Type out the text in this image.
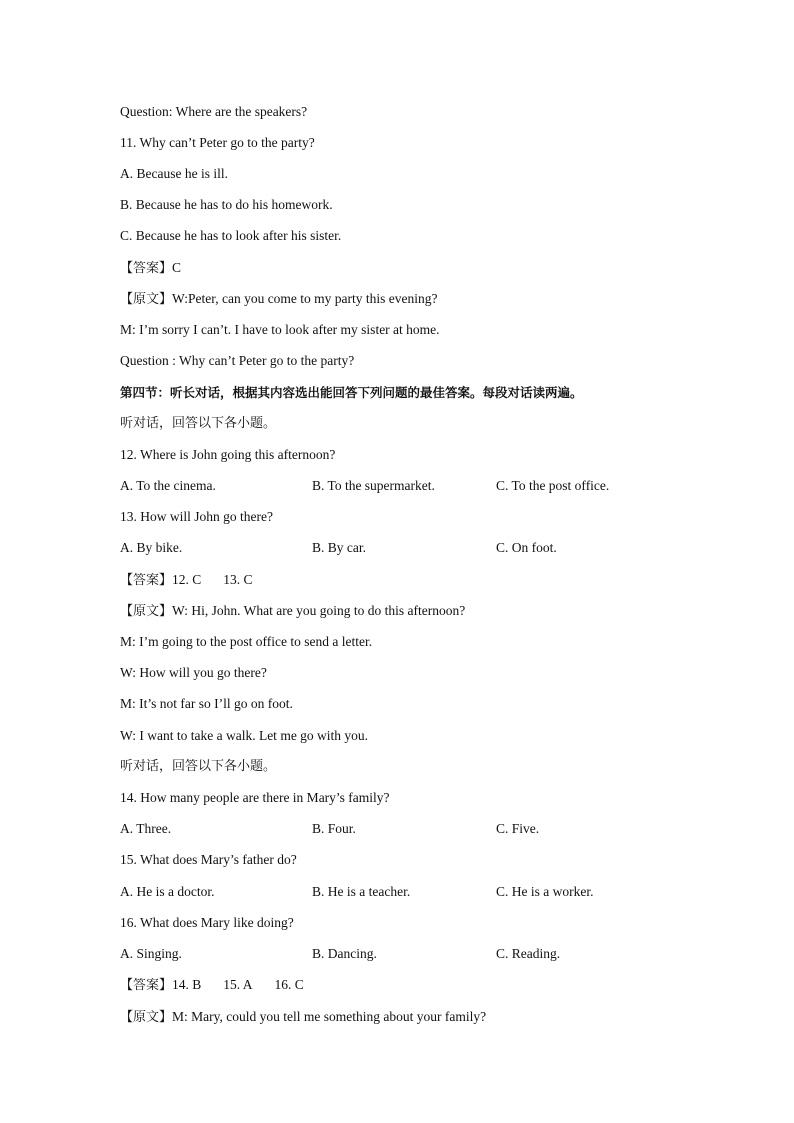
Question: Where are the speakers?
11. Why can’t Peter go to the party?
A. Because he is ill.
B. Because he has to do his homework.
C. Because he has to look after his sister.
【答案】C
【原文】W:Peter, can you come to my party this evening?
M: I’m sorry I can’t. I have to look after my sister at home.
Question : Why can’t Peter go to the party?
第四节：听长对话，根据其内容选出能回答下列问题的最佳答案。每段对话读两遍。
听对话，回答以下各小题。
12. Where is John going this afternoon?
A. To the cinema.	B. To the supermarket.	C. To the post office.
13. How will John go there?
A. By bike.	B. By car.	C. On foot.
【答案】12. C 13. C
【原文】W: Hi, John. What are you going to do this afternoon?
M: I’m going to the post office to send a letter.
W: How will you go there?
M: It’s not far so I’ll go on foot.
W: I want to take a walk. Let me go with you.
听对话，回答以下各小题。
14. How many people are there in Mary’s family?
A. Three.	B. Four.	C. Five.
15. What does Mary’s father do?
A. He is a doctor.	B. He is a teacher.	C. He is a worker.
16. What does Mary like doing?
A. Singing.	B. Dancing.	C. Reading.
【答案】14. B 15. A 16. C
【原文】M: Mary, could you tell me something about your family?
